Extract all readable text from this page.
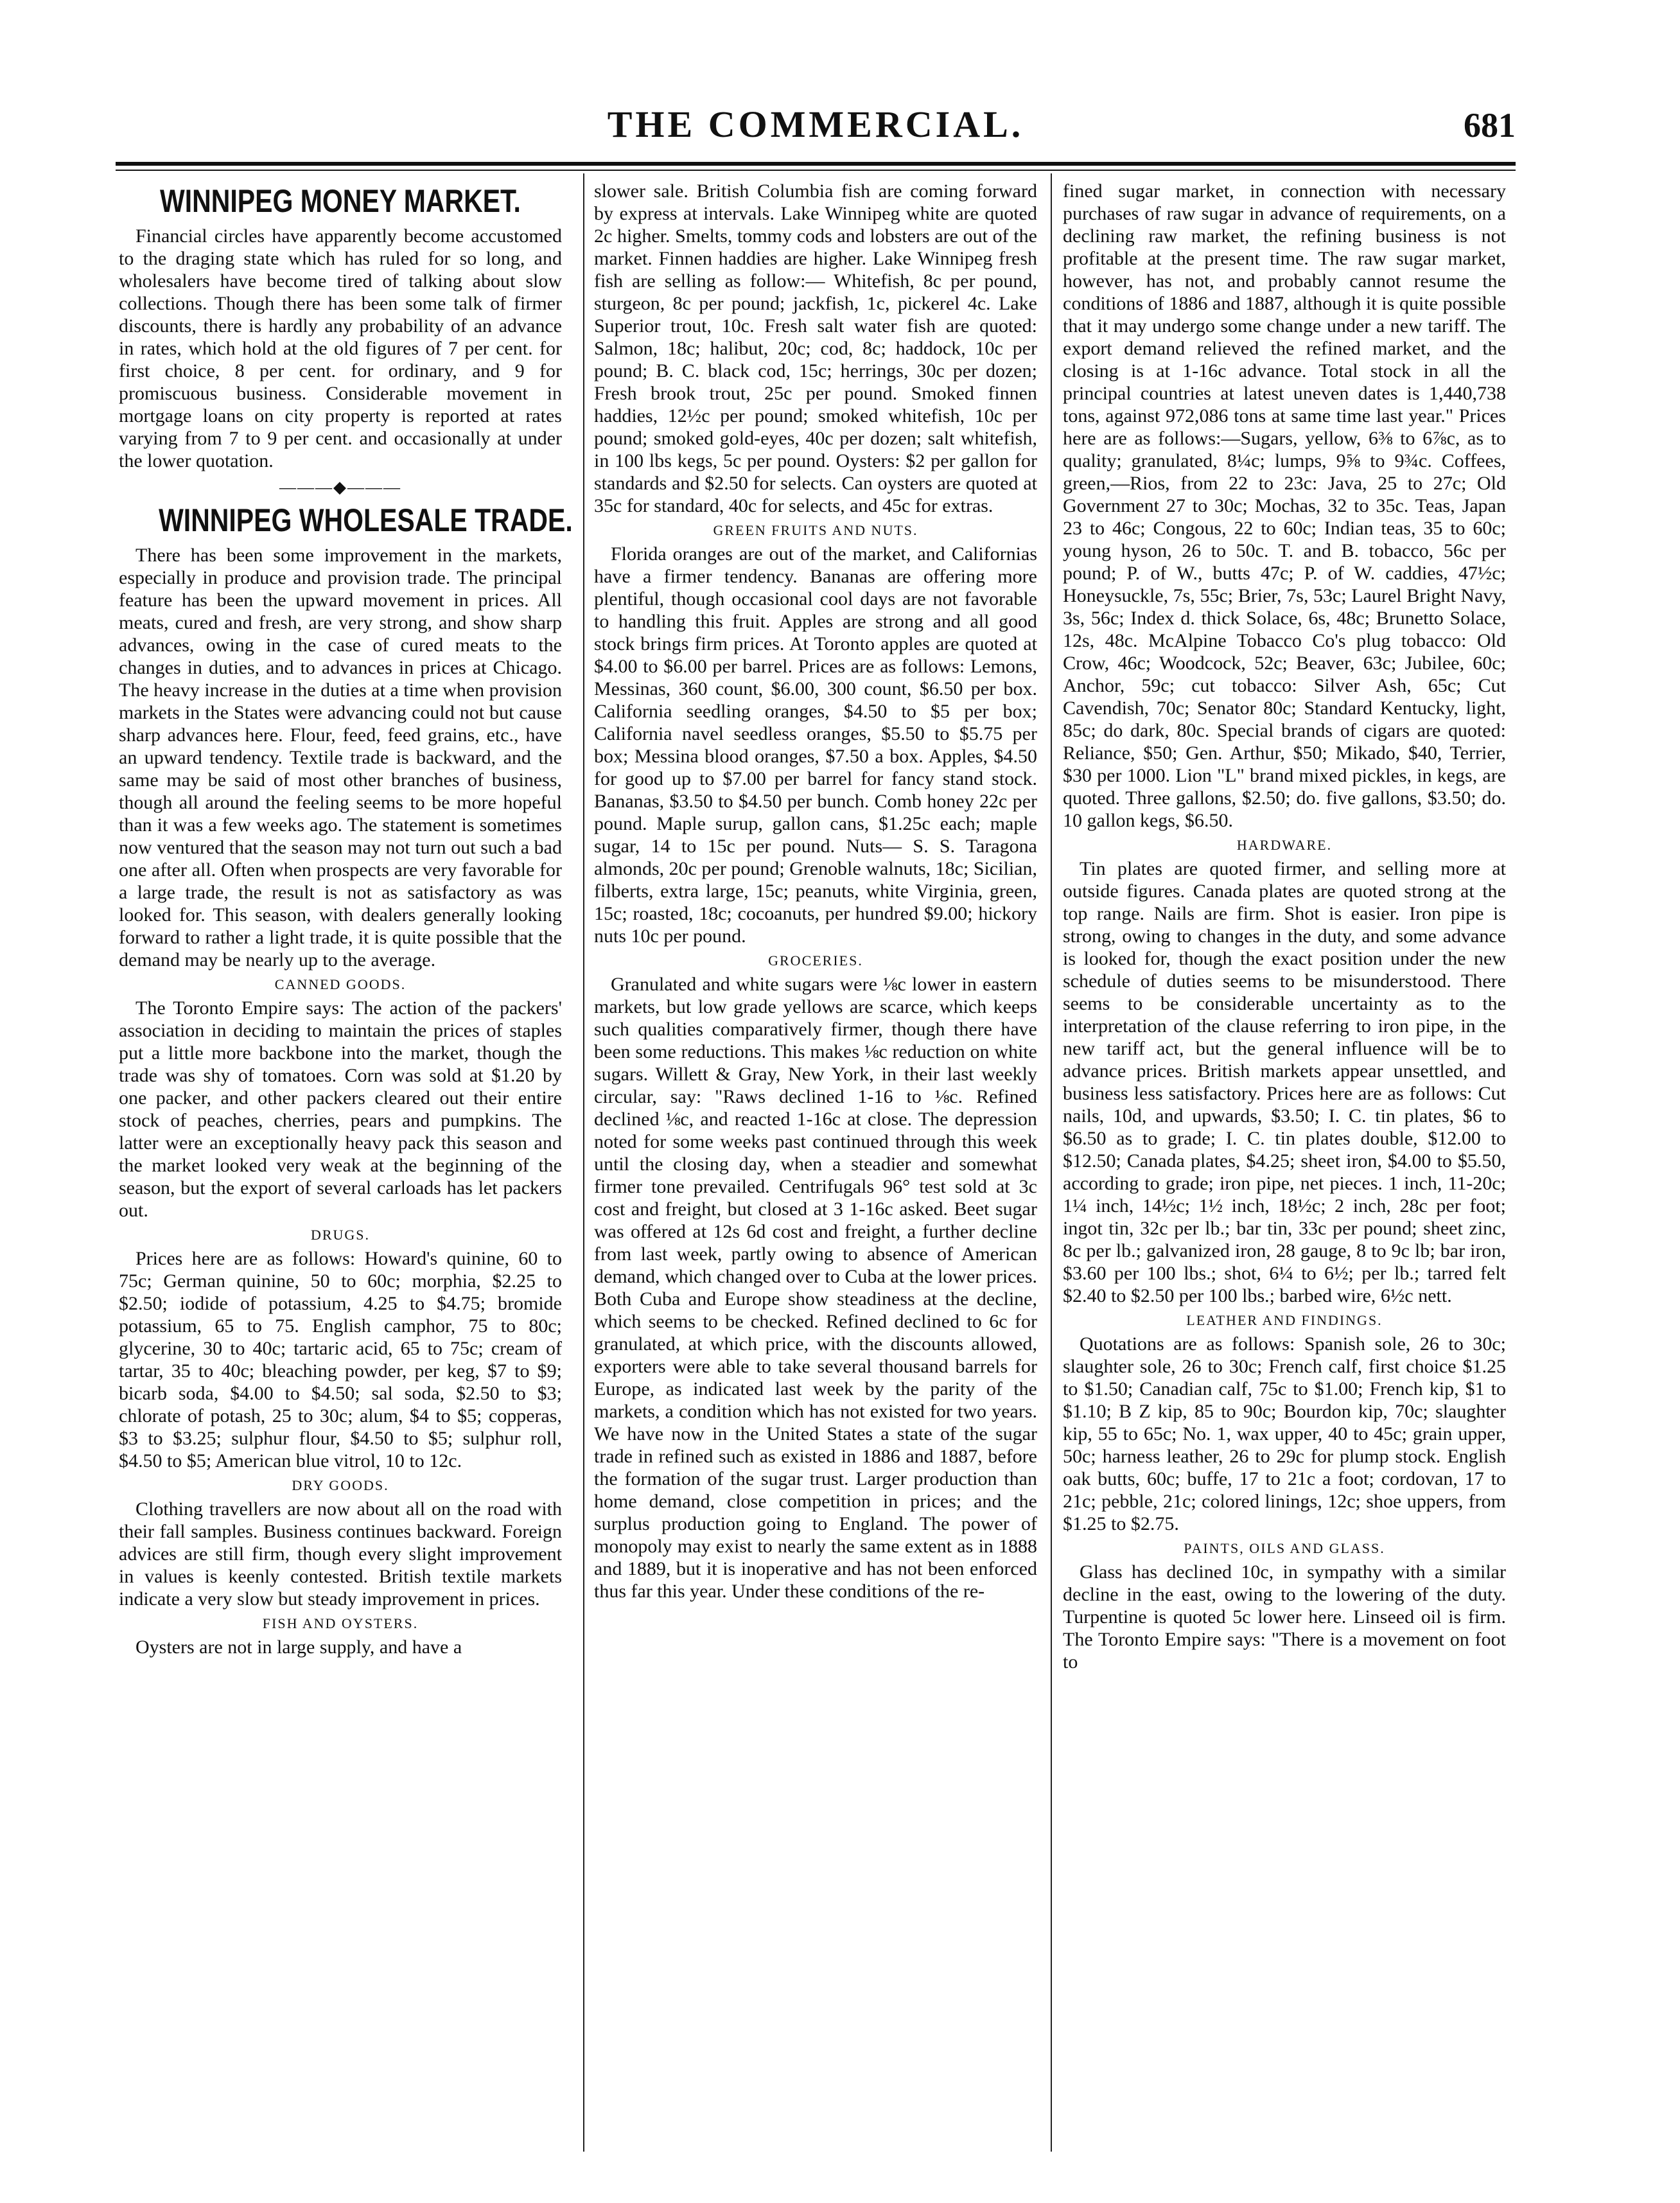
THE COMMERCIAL.	681
WINNIPEG MONEY MARKET.

Financial circles have apparently become accustomed to the draging state which has ruled for so long, and wholesalers have become tired of talking about slow collections. Though there has been some talk of firmer discounts, there is hardly any probability of an advance in rates, which hold at the old figures of 7 per cent. for first choice, 8 per cent. for ordinary, and 9 for promiscuous business. Considerable movement in mortgage loans on city property is reported at rates varying from 7 to 9 per cent. and occasionally at under the lower quotation.

———◆———
WINNIPEG WHOLESALE TRADE.

There has been some improvement in the markets, especially in produce and provision trade. The principal feature has been the upward movement in prices. All meats, cured and fresh, are very strong, and show sharp advances, owing in the case of cured meats to the changes in duties, and to advances in prices at Chicago. The heavy increase in the duties at a time when provision markets in the States were advancing could not but cause sharp advances here. Flour, feed, feed grains, etc., have an upward tendency. Textile trade is backward, and the same may be said of most other branches of business, though all around the feeling seems to be more hopeful than it was a few weeks ago. The statement is sometimes now ventured that the season may not turn out such a bad one after all. Often when prospects are very favorable for a large trade, the result is not as satisfactory as was looked for. This season, with dealers generally looking forward to rather a light trade, it is quite possible that the demand may be nearly up to the average.

CANNED GOODS.

The Toronto Empire says: The action of the packers' association in deciding to maintain the prices of staples put a little more backbone into the market, though the trade was shy of tomatoes. Corn was sold at $1.20 by one packer, and other packers cleared out their entire stock of peaches, cherries, pears and pumpkins. The latter were an exceptionally heavy pack this season and the market looked very weak at the beginning of the season, but the export of several carloads has let packers out.

DRUGS.

Prices here are as follows: Howard's quinine, 60 to 75c; German quinine, 50 to 60c; morphia, $2.25 to $2.50; iodide of potassium, 4.25 to $4.75; bromide potassium, 65 to 75. English camphor, 75 to 80c; glycerine, 30 to 40c; tartaric acid, 65 to 75c; cream of tartar, 35 to 40c; bleaching powder, per keg, $7 to $9; bicarb soda, $4.00 to $4.50; sal soda, $2.50 to $3; chlorate of potash, 25 to 30c; alum, $4 to $5; copperas, $3 to $3.25; sulphur flour, $4.50 to $5; sulphur roll, $4.50 to $5; American blue vitrol, 10 to 12c.

DRY GOODS.

Clothing travellers are now about all on the road with their fall samples. Business continues backward. Foreign advices are still firm, though every slight improvement in values is keenly contested. British textile markets indicate a very slow but steady improvement in prices.

FISH AND OYSTERS.

Oysters are not in large supply, and have a

slower sale. British Columbia fish are coming forward by express at intervals. Lake Winnipeg white are quoted 2c higher. Smelts, tommy cods and lobsters are out of the market. Finnen haddies are higher. Lake Winnipeg fresh fish are selling as follow:— Whitefish, 8c per pound, sturgeon, 8c per pound; jackfish, 1c, pickerel 4c. Lake Superior trout, 10c. Fresh salt water fish are quoted: Salmon, 18c; halibut, 20c; cod, 8c; haddock, 10c per pound; B. C. black cod, 15c; herrings, 30c per dozen; Fresh brook trout, 25c per pound. Smoked finnen haddies, 12½c per pound; smoked whitefish, 10c per pound; smoked gold-eyes, 40c per dozen; salt whitefish, in 100 lbs kegs, 5c per pound. Oysters: $2 per gallon for standards and $2.50 for selects. Can oysters are quoted at 35c for standard, 40c for selects, and 45c for extras.

GREEN FRUITS AND NUTS.

Florida oranges are out of the market, and Californias have a firmer tendency. Bananas are offering more plentiful, though occasional cool days are not favorable to handling this fruit. Apples are strong and all good stock brings firm prices. At Toronto apples are quoted at $4.00 to $6.00 per barrel. Prices are as follows: Lemons, Messinas, 360 count, $6.00, 300 count, $6.50 per box. California seedling oranges, $4.50 to $5 per box; California navel seedless oranges, $5.50 to $5.75 per box; Messina blood oranges, $7.50 a box. Apples, $4.50 for good up to $7.00 per barrel for fancy stand stock. Bananas, $3.50 to $4.50 per bunch. Comb honey 22c per pound. Maple surup, gallon cans, $1.25c each; maple sugar, 14 to 15c per pound. Nuts— S. S. Taragona almonds, 20c per pound; Grenoble walnuts, 18c; Sicilian, filberts, extra large, 15c; peanuts, white Virginia, green, 15c; roasted, 18c; cocoanuts, per hundred $9.00; hickory nuts 10c per pound.

GROCERIES.

Granulated and white sugars were ⅛c lower in eastern markets, but low grade yellows are scarce, which keeps such qualities comparatively firmer, though there have been some reductions. This makes ⅛c reduction on white sugars. Willett & Gray, New York, in their last weekly circular, say: "Raws declined 1-16 to ⅛c. Refined declined ⅛c, and reacted 1-16c at close. The depression noted for some weeks past continued through this week until the closing day, when a steadier and somewhat firmer tone prevailed. Centrifugals 96° test sold at 3c cost and freight, but closed at 3 1-16c asked. Beet sugar was offered at 12s 6d cost and freight, a further decline from last week, partly owing to absence of American demand, which changed over to Cuba at the lower prices. Both Cuba and Europe show steadiness at the decline, which seems to be checked. Refined declined to 6c for granulated, at which price, with the discounts allowed, exporters were able to take several thousand barrels for Europe, as indicated last week by the parity of the markets, a condition which has not existed for two years. We have now in the United States a state of the sugar trade in refined such as existed in 1886 and 1887, before the formation of the sugar trust. Larger production than home demand, close competition in prices; and the surplus production going to England. The power of monopoly may exist to nearly the same extent as in 1888 and 1889, but it is inoperative and has not been enforced thus far this year. Under these conditions of the re-

fined sugar market, in connection with necessary purchases of raw sugar in advance of requirements, on a declining raw market, the refining business is not profitable at the present time. The raw sugar market, however, has not, and probably cannot resume the conditions of 1886 and 1887, although it is quite possible that it may undergo some change under a new tariff. The export demand relieved the refined market, and the closing is at 1-16c advance. Total stock in all the principal countries at latest uneven dates is 1,440,738 tons, against 972,086 tons at same time last year." Prices here are as follows:—Sugars, yellow, 6⅜ to 6⅞c, as to quality; granulated, 8¼c; lumps, 9⅝ to 9¾c. Coffees, green,—Rios, from 22 to 23c: Java, 25 to 27c; Old Government 27 to 30c; Mochas, 32 to 35c. Teas, Japan 23 to 46c; Congous, 22 to 60c; Indian teas, 35 to 60c; young hyson, 26 to 50c. T. and B. tobacco, 56c per pound; P. of W., butts 47c; P. of W. caddies, 47½c; Honeysuckle, 7s, 55c; Brier, 7s, 53c; Laurel Bright Navy, 3s, 56c; Index d. thick Solace, 6s, 48c; Brunetto Solace, 12s, 48c. McAlpine Tobacco Co's plug tobacco: Old Crow, 46c; Woodcock, 52c; Beaver, 63c; Jubilee, 60c; Anchor, 59c; cut tobacco: Silver Ash, 65c; Cut Cavendish, 70c; Senator 80c; Standard Kentucky, light, 85c; do dark, 80c. Special brands of cigars are quoted: Reliance, $50; Gen. Arthur, $50; Mikado, $40, Terrier, $30 per 1000. Lion "L" brand mixed pickles, in kegs, are quoted. Three gallons, $2.50; do. five gallons, $3.50; do. 10 gallon kegs, $6.50.

HARDWARE.

Tin plates are quoted firmer, and selling more at outside figures. Canada plates are quoted strong at the top range. Nails are firm. Shot is easier. Iron pipe is strong, owing to changes in the duty, and some advance is looked for, though the exact position under the new schedule of duties seems to be misunderstood. There seems to be considerable uncertainty as to the interpretation of the clause referring to iron pipe, in the new tariff act, but the general influence will be to advance prices. British markets appear unsettled, and business less satisfactory. Prices here are as follows: Cut nails, 10d, and upwards, $3.50; I. C. tin plates, $6 to $6.50 as to grade; I. C. tin plates double, $12.00 to $12.50; Canada plates, $4.25; sheet iron, $4.00 to $5.50, according to grade; iron pipe, net pieces. 1 inch, 11-20c; 1¼ inch, 14½c; 1½ inch, 18½c; 2 inch, 28c per foot; ingot tin, 32c per lb.; bar tin, 33c per pound; sheet zinc, 8c per lb.; galvanized iron, 28 gauge, 8 to 9c lb; bar iron, $3.60 per 100 lbs.; shot, 6¼ to 6½; per lb.; tarred felt $2.40 to $2.50 per 100 lbs.; barbed wire, 6½c nett.

LEATHER AND FINDINGS.

Quotations are as follows: Spanish sole, 26 to 30c; slaughter sole, 26 to 30c; French calf, first choice $1.25 to $1.50; Canadian calf, 75c to $1.00; French kip, $1 to $1.10; B Z kip, 85 to 90c; Bourdon kip, 70c; slaughter kip, 55 to 65c; No. 1, wax upper, 40 to 45c; grain upper, 50c; harness leather, 26 to 29c for plump stock. English oak butts, 60c; buffe, 17 to 21c a foot; cordovan, 17 to 21c; pebble, 21c; colored linings, 12c; shoe uppers, from $1.25 to $2.75.

PAINTS, OILS AND GLASS.

Glass has declined 10c, in sympathy with a similar decline in the east, owing to the lowering of the duty. Turpentine is quoted 5c lower here. Linseed oil is firm. The Toronto Empire says: "There is a movement on foot to
